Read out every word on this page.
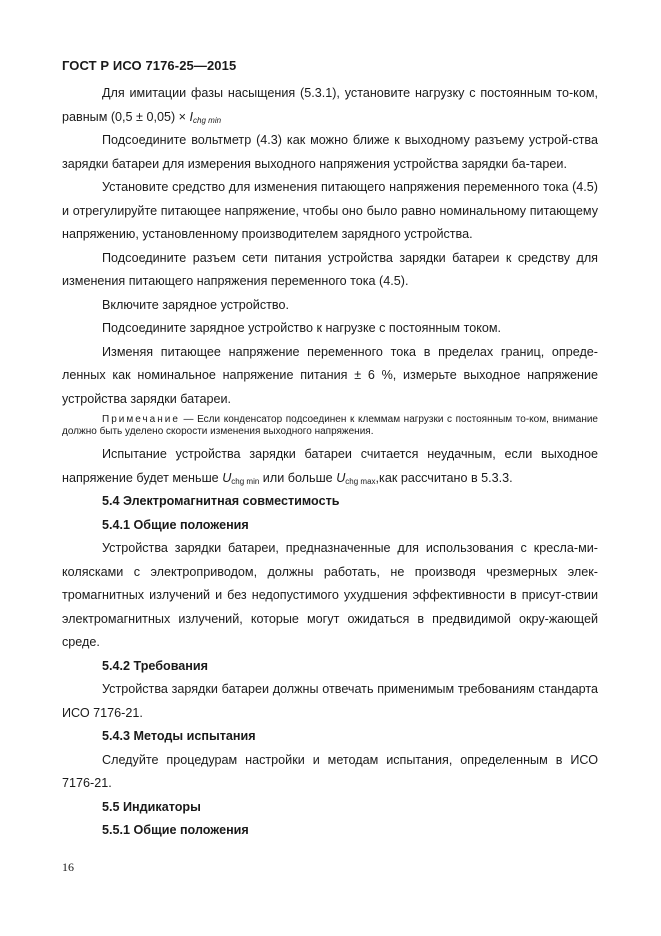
ГОСТ Р ИСО 7176-25—2015

Для имитации фазы насыщения (5.3.1), установите нагрузку с постоянным то-ком, равным $(0,5 \pm 0,05) \times I_{chg min}$

Подсоедините вольтметр (4.3) как можно ближе к выходному разъему устрой-ства зарядки батареи для измерения выходного напряжения устройства зарядки ба-тареи.

Установите средство для изменения питающего напряжения переменного тока (4.5) и отрегулируйте питающее напряжение, чтобы оно было равно номинальному питающему напряжению, установленному производителем зарядного устройства.

Подсоедините разъем сети питания устройства зарядки батареи к средству для изменения питающего напряжения переменного тока (4.5).

Включите зарядное устройство.

Подсоедините зарядное устройство к нагрузке с постоянным током.

Изменяя питающее напряжение переменного тока в пределах границ, опреде-ленных как номинальное напряжение питания ± 6 %, измерьте выходное напряжение устройства зарядки батареи.

Примечание — Если конденсатор подсоединен к клеммам нагрузки с постоянным то-ком, внимание должно быть уделено скорости изменения выходного напряжения.

Испытание устройства зарядки батареи считается неудачным, если выходное напряжение будет меньше $U_{chg min}$ или больше $U_{chg max},как$ рассчитано в 5.3.3.

5.4 Электромагнитная совместимость
5.4.1 Общие положения

Устройства зарядки батареи, предназначенные для использования с кресла-ми-колясками с электроприводом, должны работать, не производя чрезмерных элек-тромагнитных излучений и без недопустимого ухудшения эффективности в присут-ствии электромагнитных излучений, которые могут ожидаться в предвидимой окру-жающей среде.

5.4.2 Требования

Устройства зарядки батареи должны отвечать применимым требованиям стандарта ИСО 7176-21.

5.4.3 Методы испытания

Следуйте процедурам настройки и методам испытания, определенным в ИСО 7176-21.

5.5 Индикаторы
5.5.1 Общие положения
16
